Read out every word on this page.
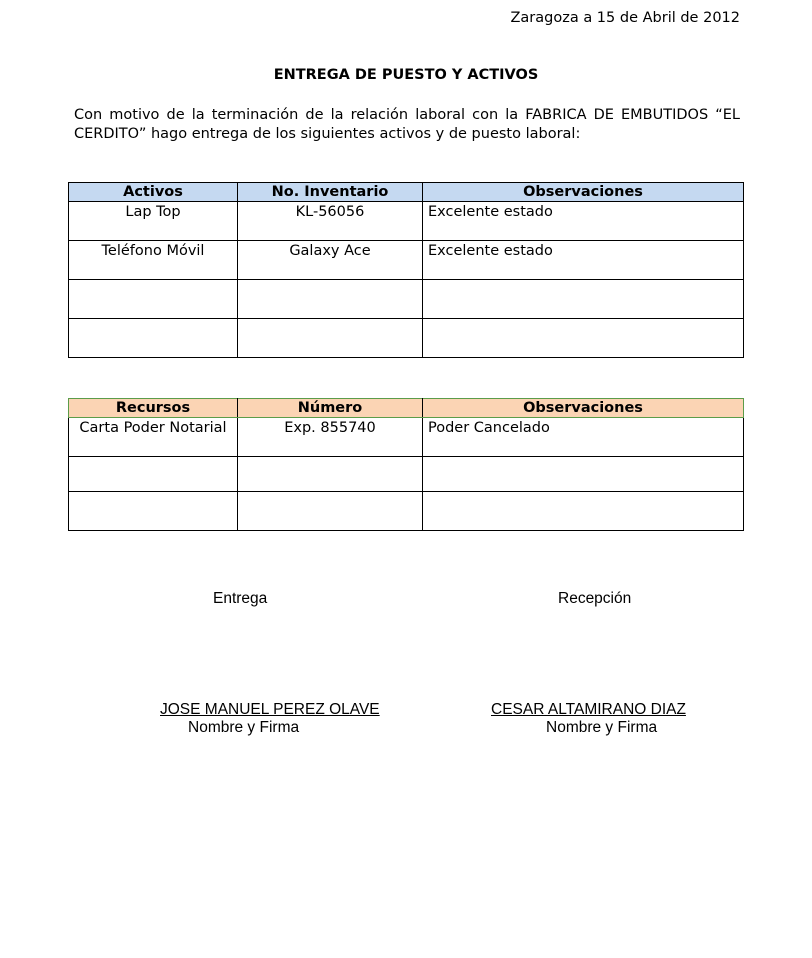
Zaragoza a 15 de Abril de 2012
ENTREGA DE PUESTO Y ACTIVOS
Con motivo de la terminación de la relación laboral con la FABRICA DE EMBUTIDOS “EL CERDITO” hago entrega de los siguientes activos y de puesto laboral:
Activos	No. Inventario	Observaciones
Lap Top	KL-56056	Excelente estado
Teléfono Móvil	Galaxy Ace	Excelente estado

Recursos	Número	Observaciones
Carta Poder Notarial	Exp. 855740	Poder Cancelado

Entrega	Recepción
JOSE MANUEL PEREZ OLAVE	CESAR ALTAMIRANO DIAZ
Nombre y Firma	Nombre y Firma
